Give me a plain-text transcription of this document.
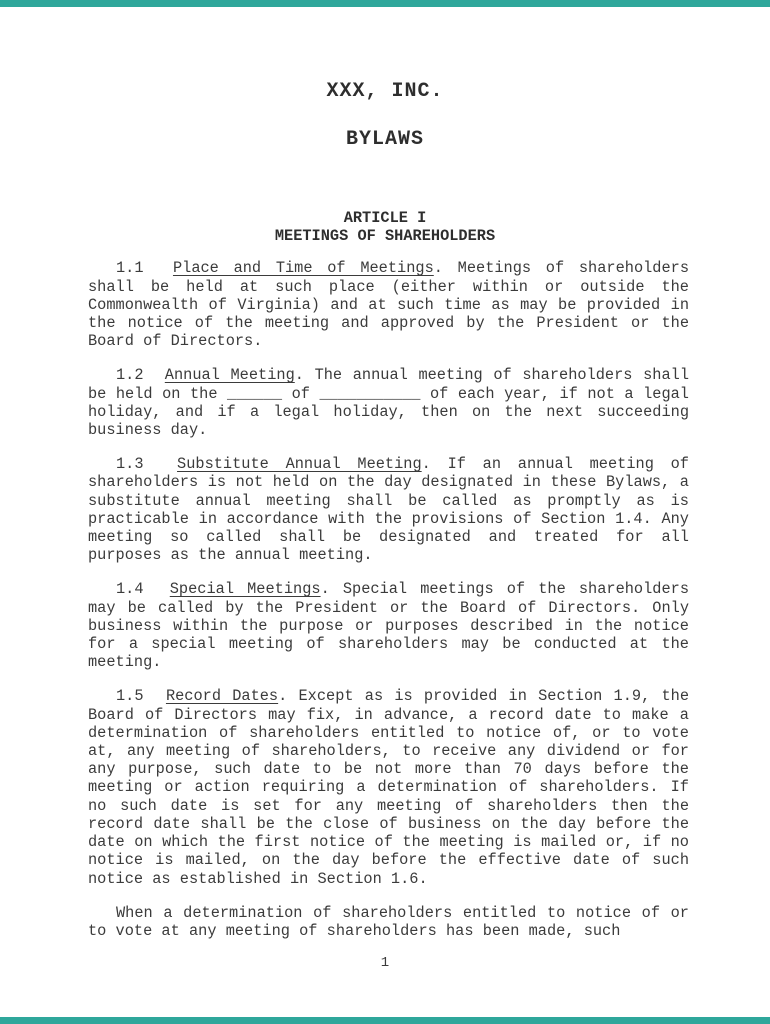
XXX, INC.
BYLAWS
ARTICLE I
MEETINGS OF SHAREHOLDERS

1.1  Place and Time of Meetings. Meetings of shareholders shall be held at such place (either within or outside the Commonwealth of Virginia) and at such time as may be provided in the notice of the meeting and approved by the President or the Board of Directors.

1.2  Annual Meeting. The annual meeting of shareholders shall be held on the ______ of ___________ of each year, if not a legal holiday, and if a legal holiday, then on the next succeeding business day.

1.3  Substitute Annual Meeting. If an annual meeting of shareholders is not held on the day designated in these Bylaws, a substitute annual meeting shall be called as promptly as is practicable in accordance with the provisions of Section 1.4. Any meeting so called shall be designated and treated for all purposes as the annual meeting.

1.4  Special Meetings. Special meetings of the shareholders may be called by the President or the Board of Directors. Only business within the purpose or purposes described in the notice for a special meeting of shareholders may be conducted at the meeting.

1.5  Record Dates. Except as is provided in Section 1.9, the Board of Directors may fix, in advance, a record date to make a determination of shareholders entitled to notice of, or to vote at, any meeting of shareholders, to receive any dividend or for any purpose, such date to be not more than 70 days before the meeting or action requiring a determination of shareholders. If no such date is set for any meeting of shareholders then the record date shall be the close of business on the day before the date on which the first notice of the meeting is mailed or, if no notice is mailed, on the day before the effective date of such notice as established in Section 1.6.

When a determination of shareholders entitled to notice of or to vote at any meeting of shareholders has been made, such

1
